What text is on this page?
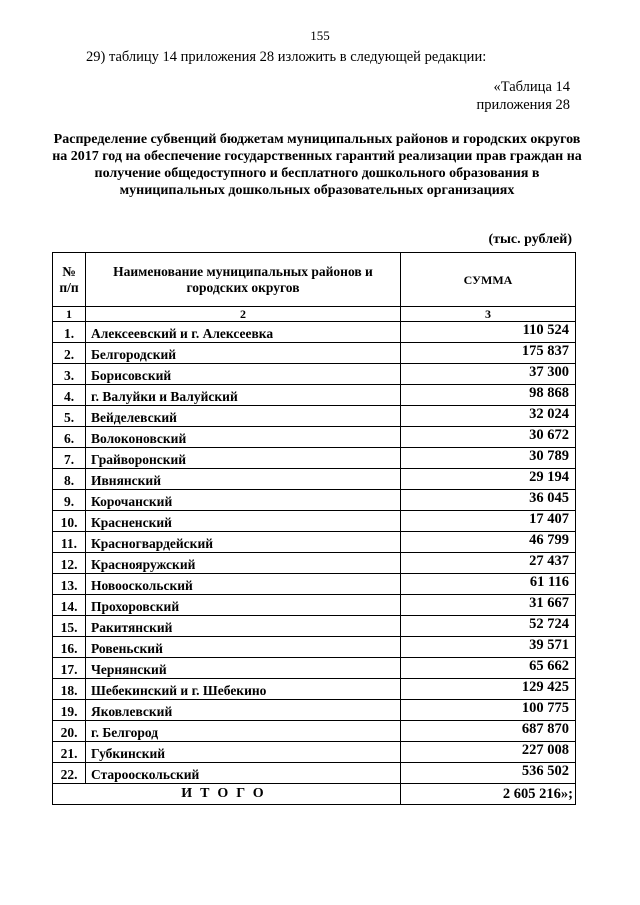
155
29) таблицу 14 приложения 28 изложить в следующей редакции:
«Таблица 14
приложения 28
Распределение субвенций бюджетам муниципальных районов и городских округов на 2017 год на обеспечение государственных гарантий реализации прав граждан на получение общедоступного и бесплатного дошкольного образования в муниципальных дошкольных образовательных организациях
(тыс. рублей)
№ п/п	Наименование муниципальных районов и городских округов	СУММА
1	2	3
1.	Алексеевский и г. Алексеевка	110 524
2.	Белгородский	175 837
3.	Борисовский	37 300
4.	г. Валуйки и Валуйский	98 868
5.	Вейделевский	32 024
6.	Волоконовский	30 672
7.	Грайворонский	30 789
8.	Ивнянский	29 194
9.	Корочанский	36 045
10.	Красненский	17 407
11.	Красногвардейский	46 799
12.	Краснояружский	27 437
13.	Новооскольский	61 116
14.	Прохоровский	31 667
15.	Ракитянский	52 724
16.	Ровеньский	39 571
17.	Чернянский	65 662
18.	Шебекинский и г. Шебекино	129 425
19.	Яковлевский	100 775
20.	г. Белгород	687 870
21.	Губкинский	227 008
22.	Старооскольский	536 502
ИТОГО		2 605 216»;
